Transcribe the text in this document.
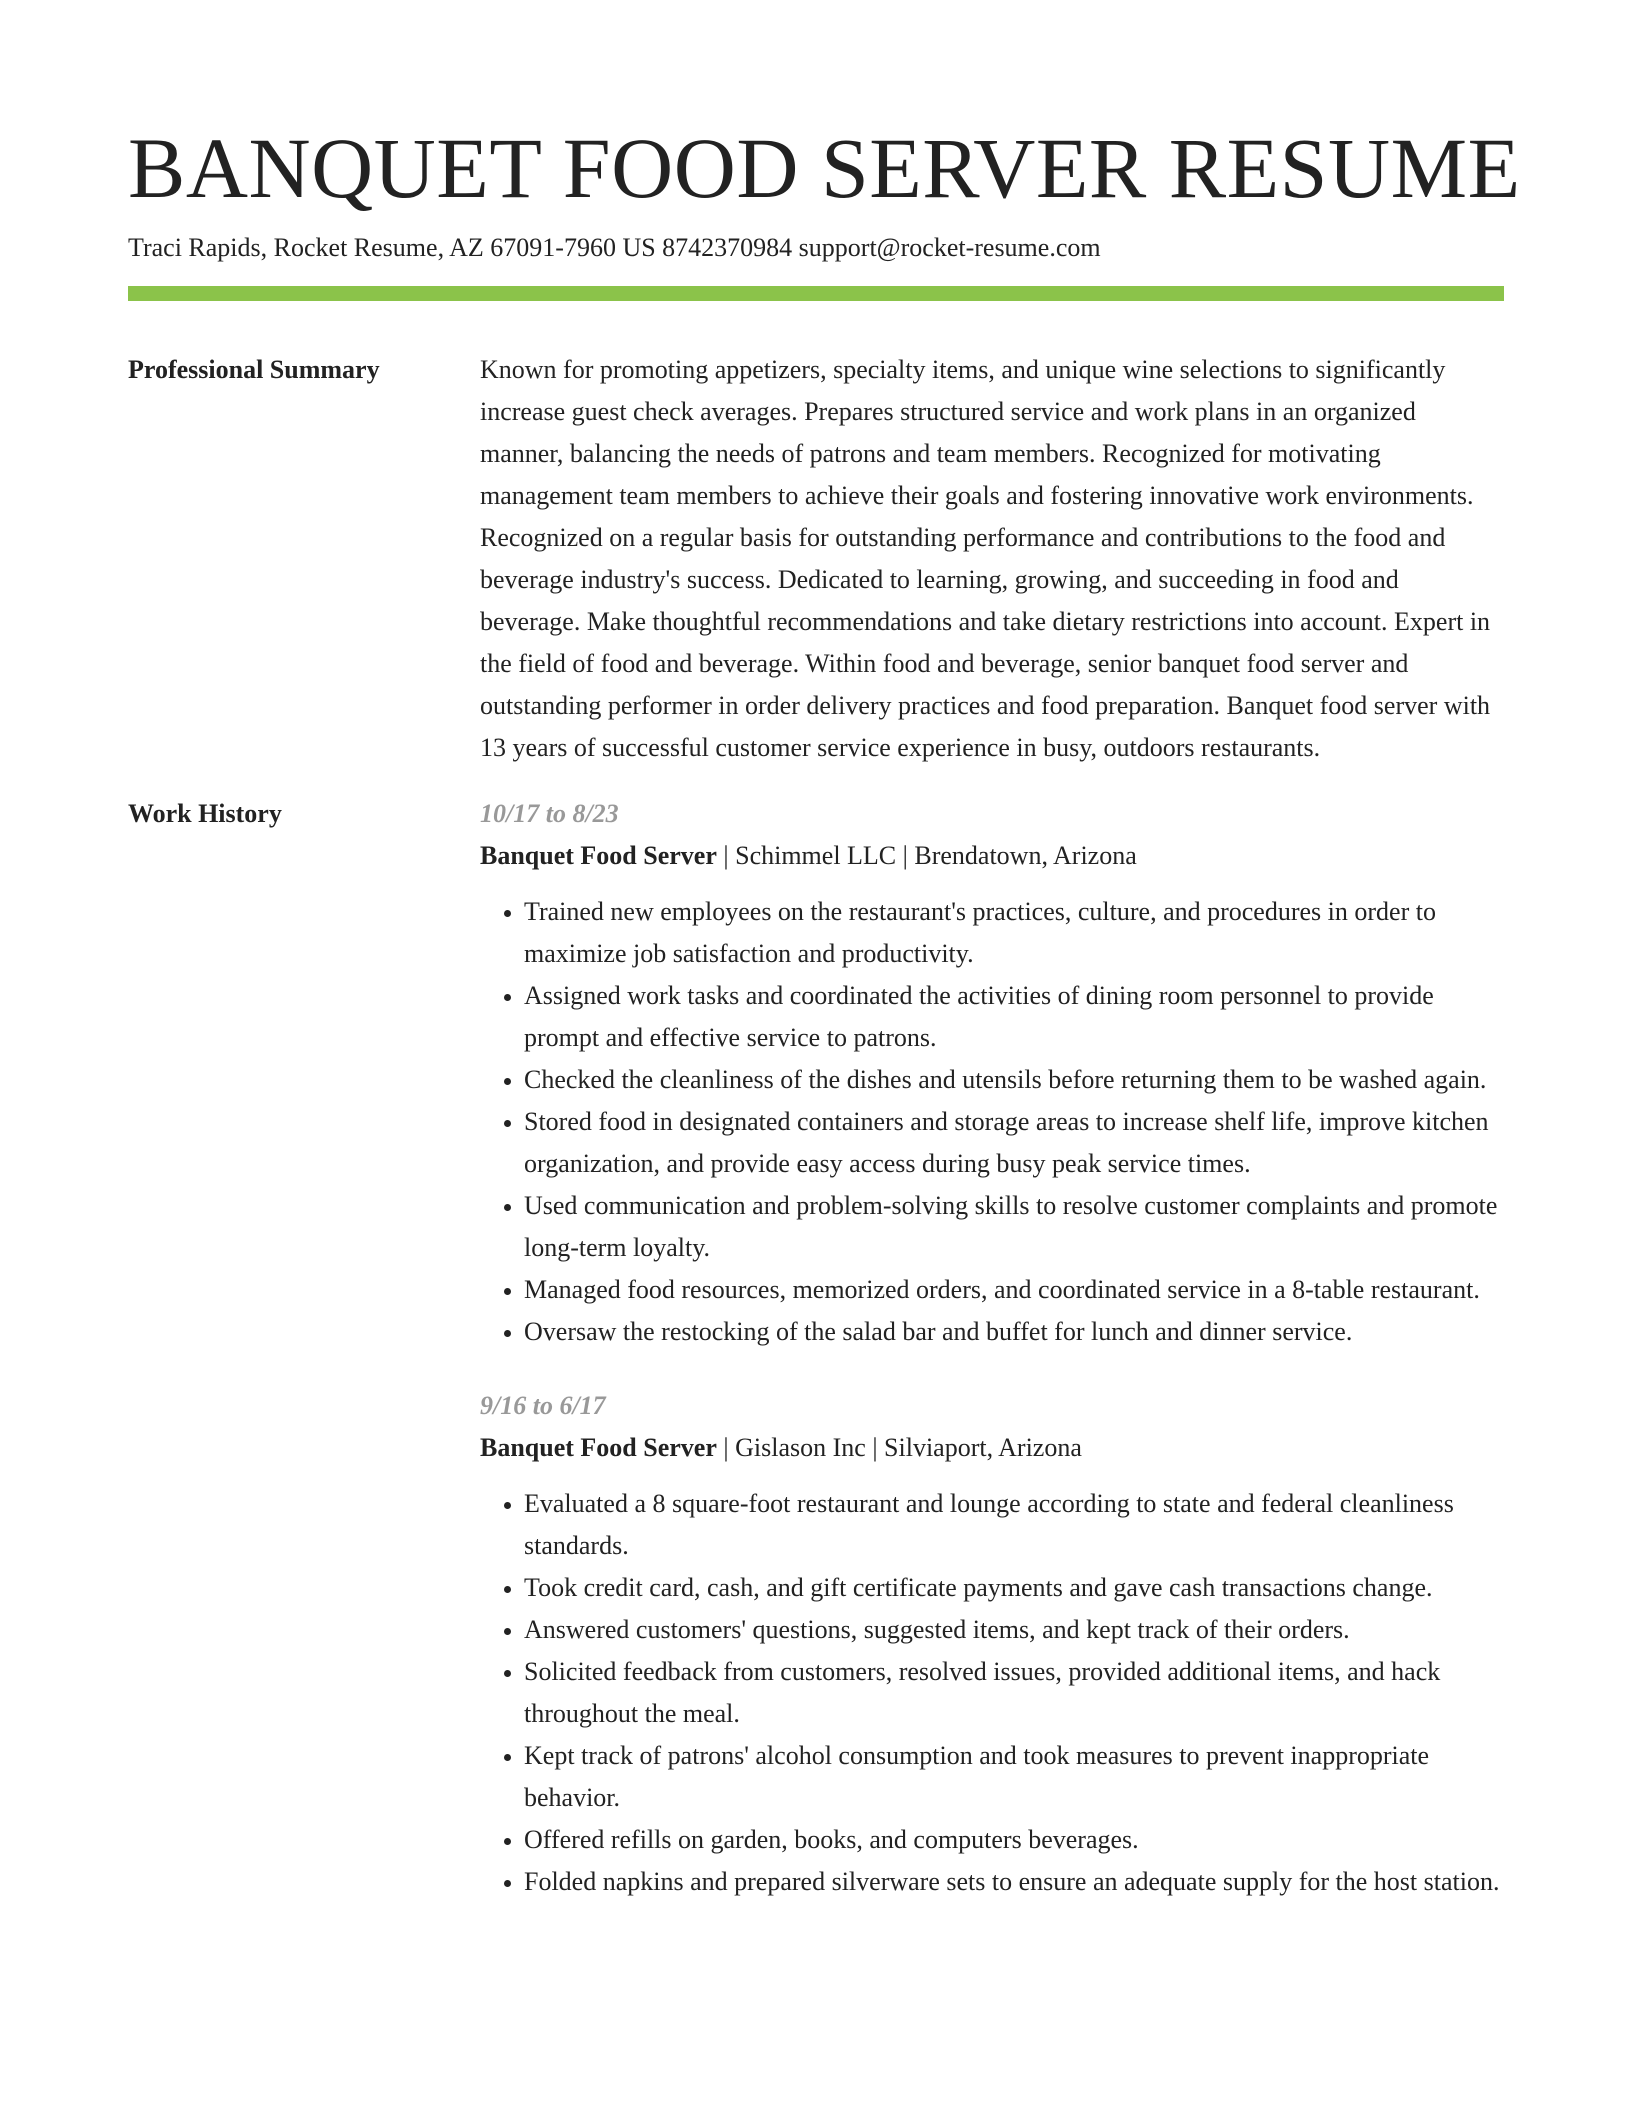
BANQUET FOOD SERVER RESUME
Traci Rapids, Rocket Resume, AZ 67091-7960 US 8742370984 support@rocket-resume.com
Professional Summary	Known for promoting appetizers, specialty items, and unique wine selections to significantly increase guest check averages. Prepares structured service and work plans in an organized manner, balancing the needs of patrons and team members. Recognized for motivating management team members to achieve their goals and fostering innovative work environments. Recognized on a regular basis for outstanding performance and contributions to the food and beverage industry's success. Dedicated to learning, growing, and succeeding in food and beverage. Make thoughtful recommendations and take dietary restrictions into account. Expert in the field of food and beverage. Within food and beverage, senior banquet food server and outstanding performer in order delivery practices and food preparation. Banquet food server with 13 years of successful customer service experience in busy, outdoors restaurants.
Work History	10/17 to 8/23
Banquet Food Server | Schimmel LLC | Brendatown, Arizona
• Trained new employees on the restaurant's practices, culture, and procedures in order to maximize job satisfaction and productivity.
• Assigned work tasks and coordinated the activities of dining room personnel to provide prompt and effective service to patrons.
• Checked the cleanliness of the dishes and utensils before returning them to be washed again.
• Stored food in designated containers and storage areas to increase shelf life, improve kitchen organization, and provide easy access during busy peak service times.
• Used communication and problem-solving skills to resolve customer complaints and promote long-term loyalty.
• Managed food resources, memorized orders, and coordinated service in a 8-table restaurant.
• Oversaw the restocking of the salad bar and buffet for lunch and dinner service.
9/16 to 6/17
Banquet Food Server | Gislason Inc | Silviaport, Arizona
• Evaluated a 8 square-foot restaurant and lounge according to state and federal cleanliness standards.
• Took credit card, cash, and gift certificate payments and gave cash transactions change.
• Answered customers' questions, suggested items, and kept track of their orders.
• Solicited feedback from customers, resolved issues, provided additional items, and hack throughout the meal.
• Kept track of patrons' alcohol consumption and took measures to prevent inappropriate behavior.
• Offered refills on garden, books, and computers beverages.
• Folded napkins and prepared silverware sets to ensure an adequate supply for the host station.
